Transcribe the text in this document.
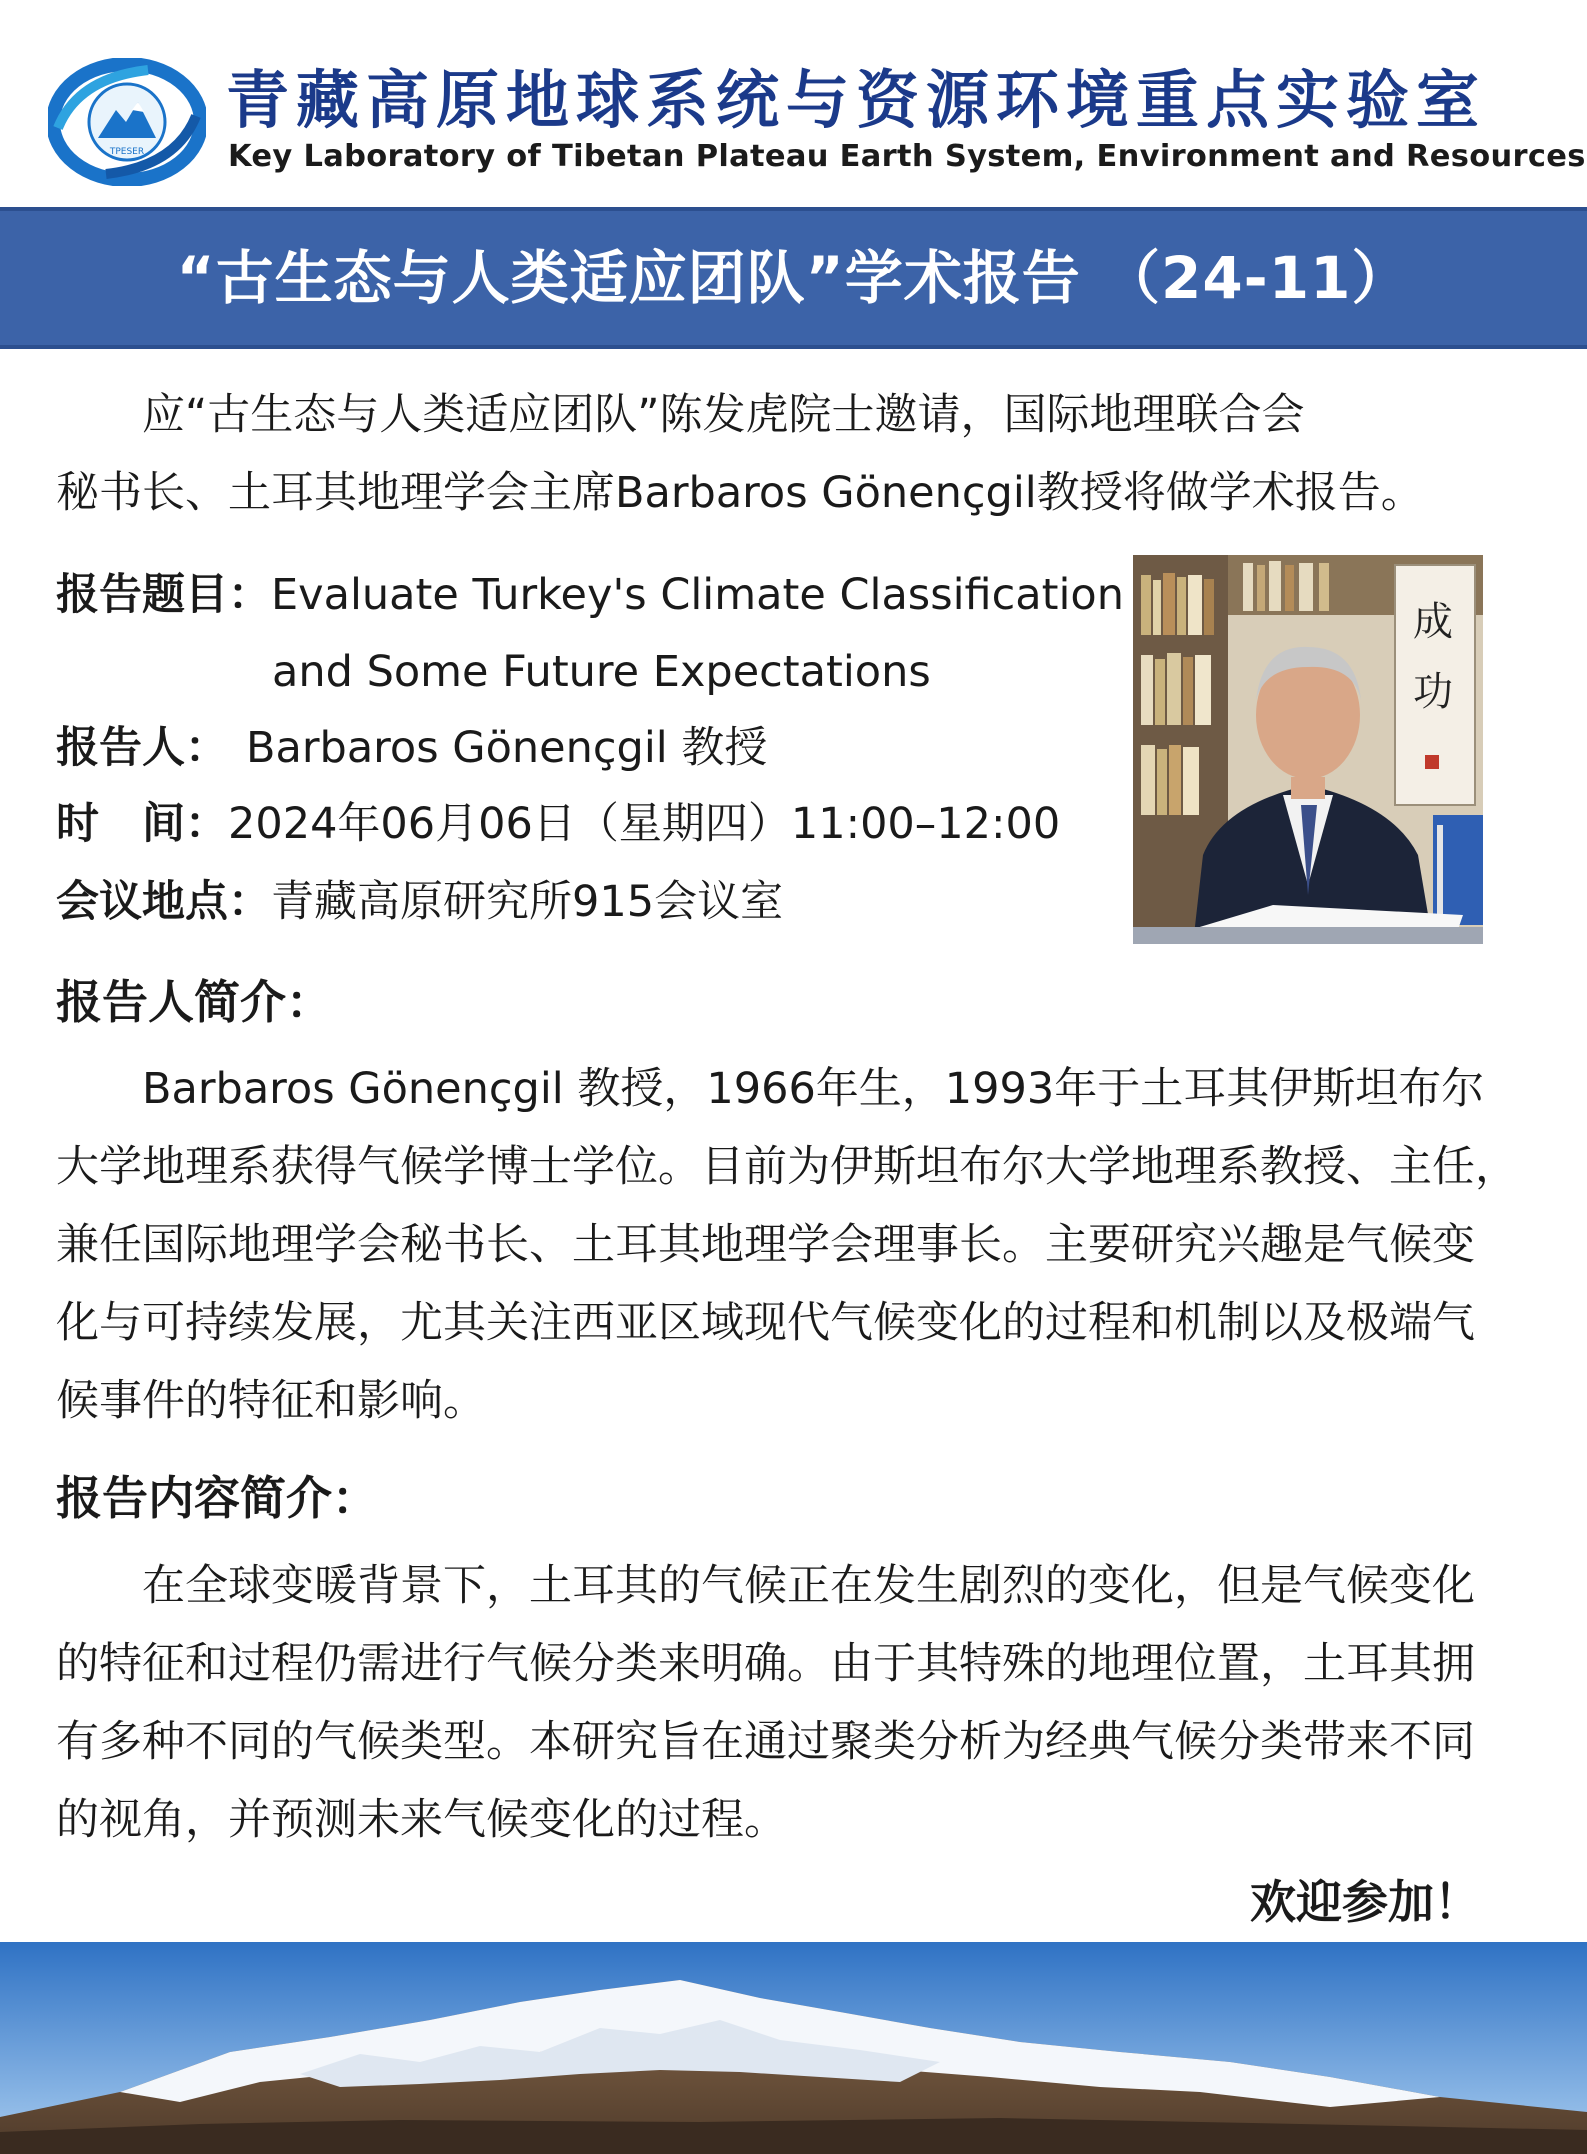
TPESER
青藏高原地球系统与资源环境重点实验室
Key Laboratory of Tibetan Plateau Earth System, Environment and Resources
“古生态与人类适应团队”学术报告 （24-11）
　　应“古生态与人类适应团队”陈发虎院士邀请，国际地理联合会
秘书长、土耳其地理学会主席Barbaros Gönençgil教授将做学术报告。
报告题目：Evaluate Turkey's Climate Classification
and Some Future Expectations
报告人： Barbaros Gönençgil 教授
时　间：2024年06月06日（星期四）11:00–12:00
会议地点：青藏高原研究所915会议室
成
功
报告人简介：
　　Barbaros Gönençgil 教授，1966年生，1993年于土耳其伊斯坦布尔
大学地理系获得气候学博士学位。目前为伊斯坦布尔大学地理系教授、主任，
兼任国际地理学会秘书长、土耳其地理学会理事长。主要研究兴趣是气候变
化与可持续发展，尤其关注西亚区域现代气候变化的过程和机制以及极端气
候事件的特征和影响。
报告内容简介：
　　在全球变暖背景下，土耳其的气候正在发生剧烈的变化，但是气候变化
的特征和过程仍需进行气候分类来明确。由于其特殊的地理位置，土耳其拥
有多种不同的气候类型。本研究旨在通过聚类分析为经典气候分类带来不同
的视角，并预测未来气候变化的过程。
欢迎参加！
